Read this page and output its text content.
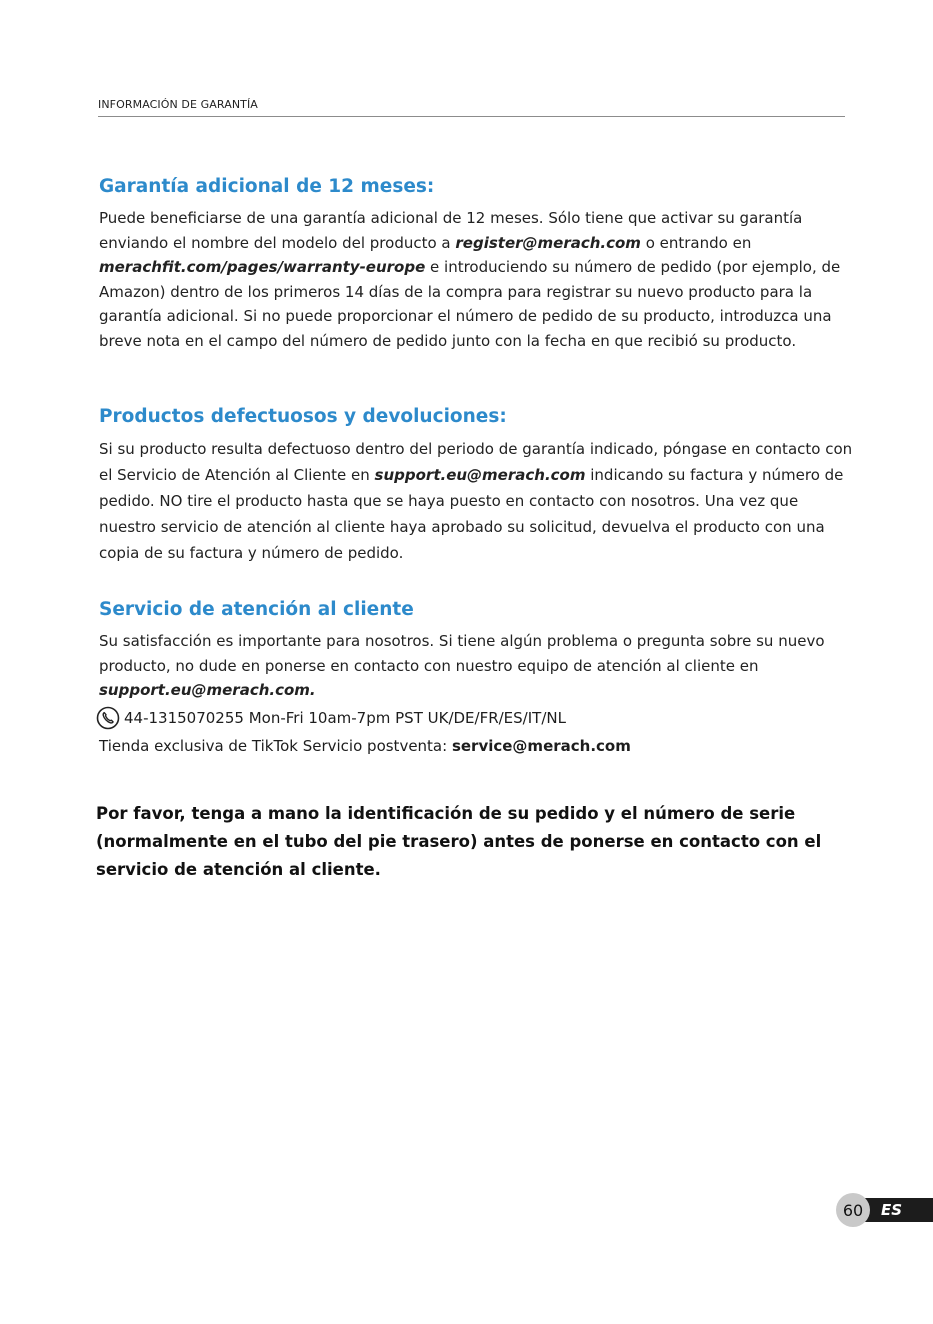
INFORMACIÓN DE GARANTÍA
Garantía adicional de 12 meses:

Puede beneficiarse de una garantía adicional de 12 meses. Sólo tiene que activar su garantía enviando el nombre del modelo del producto a register@merach.com o entrando en merachfit.com/pages/warranty-europe e introduciendo su número de pedido (por ejemplo, de Amazon) dentro de los primeros 14 días de la compra para registrar su nuevo producto para la garantía adicional. Si no puede proporcionar el número de pedido de su producto, introduzca una breve nota en el campo del número de pedido junto con la fecha en que recibió su producto.

Productos defectuosos y devoluciones:

Si su producto resulta defectuoso dentro del periodo de garantía indicado, póngase en contacto con el Servicio de Atención al Cliente en support.eu@merach.com indicando su factura y número de pedido. NO tire el producto hasta que se haya puesto en contacto con nosotros. Una vez que nuestro servicio de atención al cliente haya aprobado su solicitud, devuelva el producto con una copia de su factura y número de pedido.

Servicio de atención al cliente

Su satisfacción es importante para nosotros. Si tiene algún problema o pregunta sobre su nuevo producto, no dude en ponerse en contacto con nuestro equipo de atención al cliente en support.eu@merach.com.

44-1315070255 Mon-Fri 10am-7pm PST UK/DE/FR/ES/IT/NL
Tienda exclusiva de TikTok Servicio postventa: service@merach.com
Por favor, tenga a mano la identificación de su pedido y el número de serie (normalmente en el tubo del pie trasero) antes de ponerse en contacto con el servicio de atención al cliente.
60	ES
